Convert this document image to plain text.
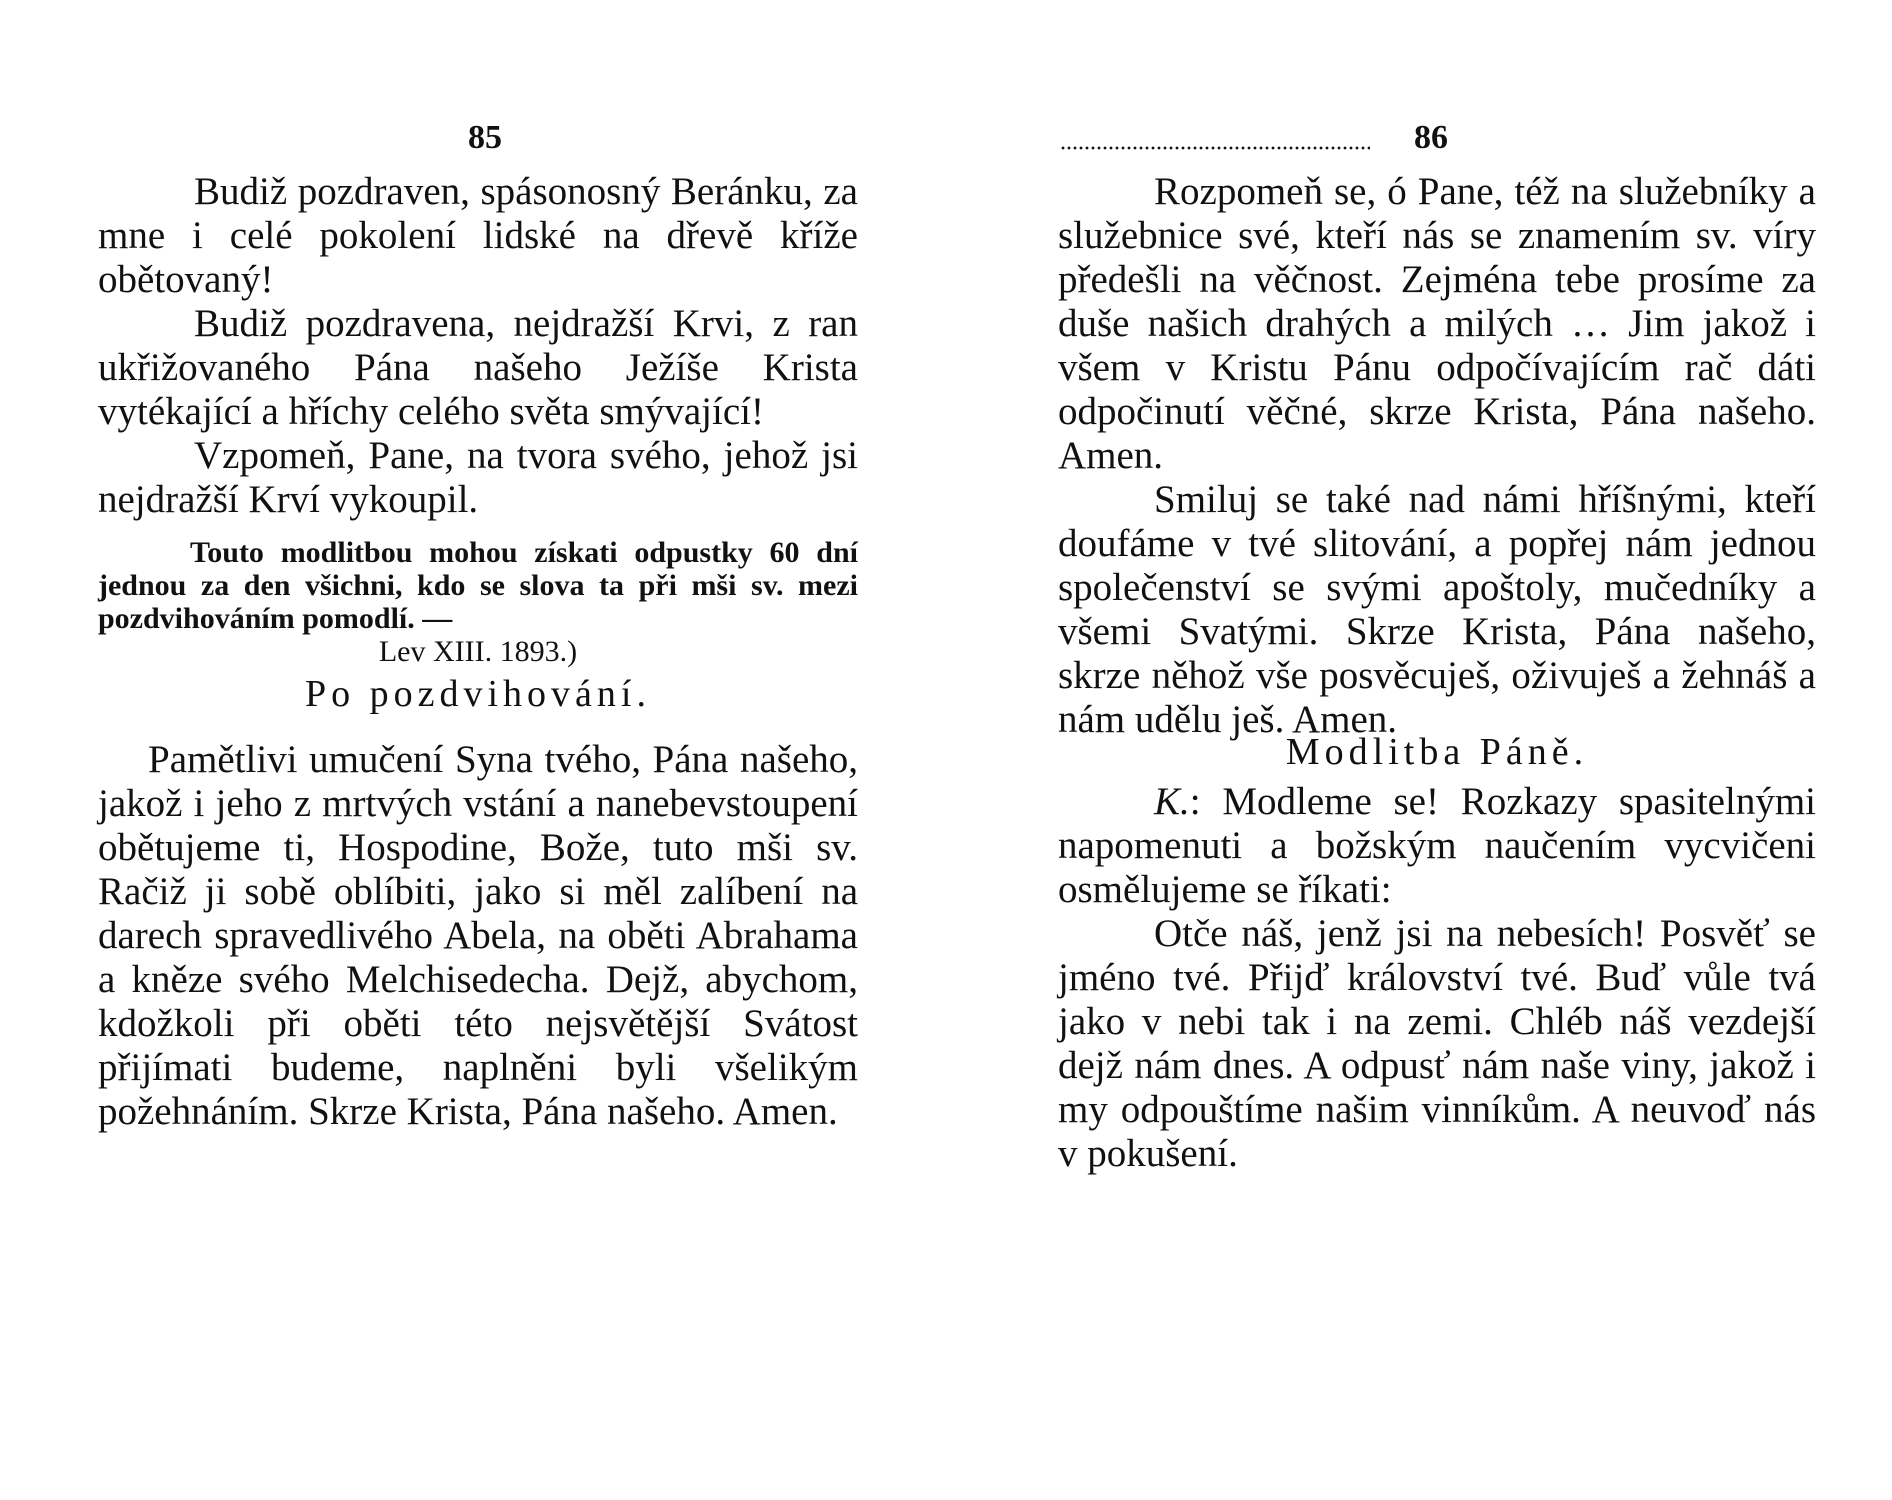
85

Budiž pozdraven, spásonosný Beránku, za mne i celé pokolení lidské na dřevě kříže obětovaný!

Budiž pozdravena, nejdražší Krvi, z ran ukřižovaného Pána našeho Ježíše Krista vytékající a hříchy celého světa smývající!

Vzpomeň, Pane, na tvora svého, jehož jsi nejdražší Krví vykoupil.

Touto modlitbou mohou získati odpustky 60 dní jednou za den všichni, kdo se slova ta při mši sv. mezi pozdvihováním pomodlí. —
Lev XIII. 1893.)

Po pozdvihování.

Pamětlivi umučení Syna tvého, Pána našeho, jakož i jeho z mrtvých vstání a nanebevstoupení obětujeme ti, Hospodine, Bože, tuto mši sv. Račiž ji sobě oblíbiti, jako si měl zalíbení na darech spravedlivého Abela, na oběti Abrahama a kněze svého Melchisedecha. Dejž, abychom, kdožkoli při oběti této nejsvětější Svátost přijímati budeme, naplněni byli všelikým požehnáním. Skrze Krista, Pána našeho. Amen.

86

Rozpomeň se, ó Pane, též na služebníky a služebnice své, kteří nás se znamením sv. víry předešli na věčnost. Zejména tebe prosíme za duše našich drahých a milých … Jim jakož i všem v Kristu Pánu odpočívajícím rač dáti odpočinutí věčné, skrze Krista, Pána našeho. Amen.

Smiluj se také nad námi hříšnými, kteří doufáme v tvé slitování, a popřej nám jednou společenství se svými apoštoly, mučedníky a všemi Svatými. Skrze Krista, Pána našeho, skrze něhož vše posvěcuješ, oživuješ a žehnáš a nám udělu ješ. Amen.

Modlitba Páně.

K.: Modleme se! Rozkazy spasitelnými napomenuti a božským naučením vycvičeni osmělujeme se říkati:

Otče náš, jenž jsi na nebesích! Posvěť se jméno tvé. Přijď království tvé. Buď vůle tvá jako v nebi tak i na zemi. Chléb náš vezdejší dejž nám dnes. A odpusť nám naše viny, jakož i my odpouštíme našim vinníkům. A neuvoď nás v pokušení.
